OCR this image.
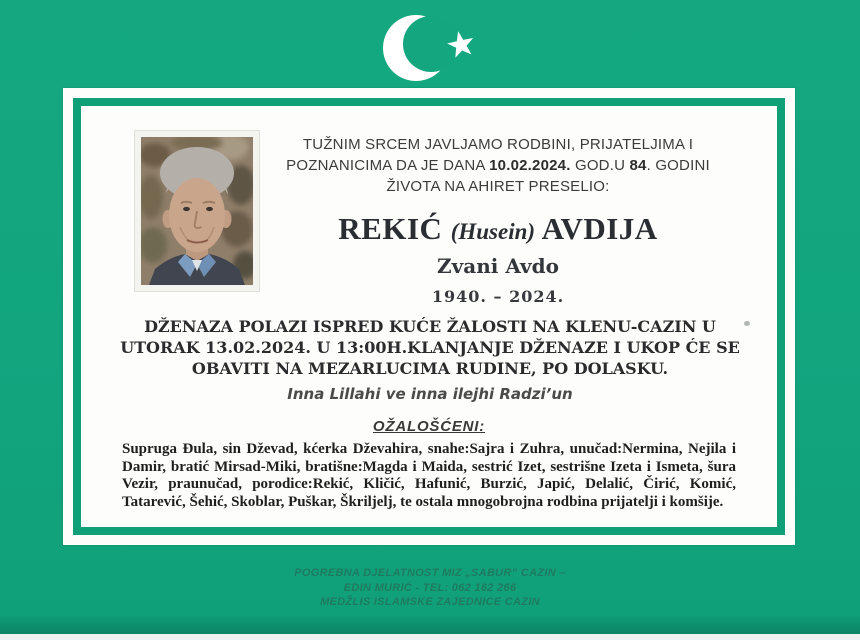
TUŽNIM SRCEM JAVLJAMO RODBINI, PRIJATELJIMA I POZNANICIMA DA JE DANA 10.02.2024. GOD.U 84. GODINI ŽIVOTA NA AHIRET PRESELIO:

REKIĆ (Husein) AVDIJA
Zvani Avdo
1940. – 2024.

DŽENAZA POLAZI ISPRED KUĆE ŽALOSTI NA KLENU-CAZIN U
UTORAK 13.02.2024. U 13:00H.KLANJANJE DŽENAZE I UKOP ĆE SE
OBAVITI NA MEZARLUCIMA RUDINE, PO DOLASKU.

Inna Lillahi ve inna ilejhi Radzi’un

OŽALOŠĆENI:

Supruga Đula, sin Dževad, kćerka Dževahira, snahe:Sajra i Zuhra, unučad:Nermina, Nejila i Damir, bratić Mirsad-Miki, bratišne:Magda i Maida, sestrić Izet, sestrišne Izeta i Ismeta, šura Vezir, praunučad, porodice:Rekić, Kličić, Hafunić, Burzić, Japić, Delalić, Čirić, Komić, Tatarević, Šehić, Skoblar, Puškar, Škriljelj, te ostala mnogobrojna rodbina prijatelji i komšije.

POGREBNA DJELATNOST MIZ „SABUR” CAZIN –
EDIN MURIĆ - TEL: 062 162 266
MEDŽLIS ISLAMSKE ZAJEDNICE CAZIN
